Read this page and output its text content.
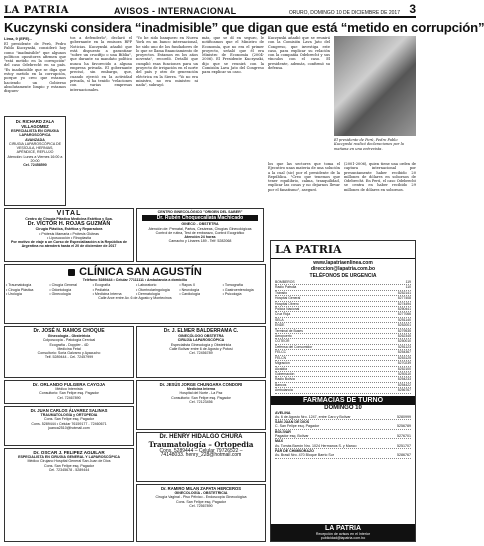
LA PATRIA	AVISOS - INTERNACIONAL	ORURO, DOMINGO 10 DE DICIEMBRE DE 2017 3
Kuczynski considera “inadmisible” que digan que está “metido en corrupción”

Lima, 9 (EFE).-

El presidente de Perú, Pedro Pablo Kuczynski, consideró hoy como "inadmisible" que algunos políticos opositores afirmen que "está metido en la corrupción" del caso Odebrecht en su país. "Es inadmisible que se diga que estoy metido en la corrupción, porque yo creo que estamos haciendo un Gobierno absolutamente limpio y estamos dispues-

tos a defenderlo", declaró el gobernante en la emisora RPP Noticias. Kuczynski añadió que está dispuesto a garantizar "sobre un crucifijo o una Biblia", que durante su mandato político nunca ha favorecido a alguna empresa privada. El gobernante precisó, sin embargo, que, cuando ejerció en la actividad privada, sí ha tenido "relaciones con varias empresas internacionales.

"Yo he sido banquero en Nueva York en un banco internacional, he sido uno de los fundadores de lo que se llama financiamiento de proyectos. Estamos en los años noventa", recordó. Detalló que cumplió esas funciones para un proyecto de irrigación en el norte del país y otro de generación eléctrica en la Sierra. "Yo no era ministro, no era ministro ni nada", subrayó.

más, que se dí en seguro, le notificamos que el Ministro de Economía, que no era el primer proyecto, señaló que él era Ministro de Economía (2004-2006). El Presidente Kuczynski, dijo que se reunirá con la Comisión Lava Jato del Congreso para explicar su caso.

Kuczynski añadió que se reunirá con la Comisión Lava Jato del Congreso, que investiga este caso, para explicar su relación con la compañía Odebrecht y sus vínculos con el caso. El presidente, además, confirmó su defensa.

El presidente de Perú, Pedro Pablo Kuczynski realizó declaraciones por la mañana en una entrevista.

los que las sectores que toma el Ejecutivo unas materia de una solución a la cual (sic) por el presidente de la República. "Creo que tenemos que tener equilibrio, calma, tranquilidad, explicar las cosas y no dejarnos llevar por el fanatismo", aseguró.

(2001-2006), quien tiene una orden de captura internacional por presuntamente haber recibido 20 millones de dólares en sobornos de Odebrecht. En Perú, el caso Odebrecht se centra en haber recibido 29 millones de dólares en sobornos.

Dr. RICHARD ZALA VILLAGOMEZ
ESPECIALISTA EN CIRUGIA LAPAROSCÓPICA
AVANZADA
CIRUGIA LAPAROSCÓPICA DE VESÍCULA, HERNIAS, APÉNDICE, REFLUJO
Atención: Lunes a Viernes 16:00 a 20:00
Cel. 72458590
VITAL
Centro de Cirugía Plástica Medicina Estética y Spa.
Dr. VÍCTOR H. ROJAS GUZMÁN
Cirugía Plástica, Estética y Reparadora
• Prótesis Mamaria • Prótesis Glúteas
• Liposuccción • Rinoplastia
Por motivo de viaje a un Curso de Especialización a la República de Argentina no atenderá hasta el 20 de diciembre de 2017
CENTRO GINECOLÓGICO "ORIGEN DEL SABER"
Dr. Rubén Choquecallata Machicado
GINECO - OBSTETRA
Atención de: Prenatal, Partos, Cesáreas, Cirugías Ginecológicas
Control de rutina, Test de embarazo, Control Ecográfico
Atención 24 horas
Camacho y Linares 189 - Telf: 5282068
CLÍNICA SAN AGUSTÍN
Teléfono 5289444 • Celular 77111111 • Ambulancia a domicilio
• Traumatología	• Cirugía General	• Ecografía	• Laboratorio	• Rayos X	• Tomografía
• Cirugía Plástica	• Odontología	• Pediatría	• Otorrinolaringología	• Neurología	• Gastroenterología
• Urología	• Ginecología	• Medicina Interna	• Dermatología	• Cardiología	• Psicología
Calle Arce entre Av. 6 de Agosto y Montecinos
Dr. JOSÉ N. RAMOS CHOQUE
Ginecología - Obstetricia
Colposcopía - Patología Cervical
Ecografía - Doppler - 4D
Medicina Fetal
Consultorio: Soria Galvarro y Ayacucho
Telf. 5289444 - Cel. 72457999
Dr. J. ELMER BALDERRAMA C.
GINECÓLOGO OBSTETRA
CIRUJÍA LAPAROSCÓPICA
Especialista Ginecología y Obstetricia
Calle Bolívar entre 6 de Agosto y Potosí
Cel. 72456789
Dr. ORLANDO FULGERA CAYOJA
Médico Internista
Consultorio: San Felipe esq. Pagador
Cel. 72467890
Dr. JESÚS JORGE CHUNGARA CONDORI
Medicina Interna
Hospital del Norte - La Paz
Consultorio: San Felipe esq. Pagador
Cel. 72123456
Dr. JUAN CARLOS ÁLVAREZ SALINAS
TRAUMATOLOGÍA y ORTOPEDIA
Cons. San Felipe esq. Pagador
Cons. 5289444 • Celular 76159177 - 72460671
juanca2510@hotmail.com
Dr. HENRY HIDALGO CHURA
Traumatología – Ortopedia
Cons. 5289444 – Celular 79726522 –
74148033. henry_228@hotmail.com
Dr. OSCAR J. FELIPEZ AGUILAR
ESPECIALISTA EN CIRUGIA GENERAL Y LAPAROSCÓPICA
Médico Cirujano Hospital General San Juan de Dios
Cons. San Felipe esq. Pagador
Cel. 72345678 - 5289444
Dr. RAMIRO MILAN ZAPATA HERCEROS
GINECOLOGÍA - OBSTETRICIA
Cirugía Vaginal - Piso Pélvico - Endoscopía Ginecológica
Cons. San Felipe esq. Pagador
Cel. 72567890
LA PATRIA
www.lapatriaenlinea.com
direccion@lapatria.com.bo
TELÉFONOS DE URGENCIA
BOMBEROS	119
Radio Patrulla	110
Tránsito	5252141
Hospital General	5277408
Hospital Obrero	5274494
Policía Nacional	5250441
Cruz Roja	5277066
SELA	5251140
ENDE	5252001
Terminal de Buses	5279535
Aeropuerto	5262345
COTEOR	5250010
Defensa del Consumidor	5251123
FELCC	5254367
FELCN	5253125
Migración	5270239
Alcaldía	5252100
Gobernación	5250110
Radio Bolivia	5254233
Bancos	5254422
Ambulancia	5256767
FARMACIAS DE TURNO
DOMINGO 10
AVELINA
Av. 6 de Agosto Nro. 1247, entre Caro y Bolívar	5280999
SAN JUAN DE DIOS
C. San Felipe esq. Pagador	5256789
BOLÍVAR
Pagador esq. Bolívar	5276701
MAX
Av. Tomás Barrón Nro. 1024 Hermanos S. y Manco	5251707
FAR DE CHIMBORAZO
Av. Brasil Nro. 470 Bloque Barrio Sur	5286767
LA PATRIA
Recepción de avisos en el Interior
publicidad@lapatria.com.bo
